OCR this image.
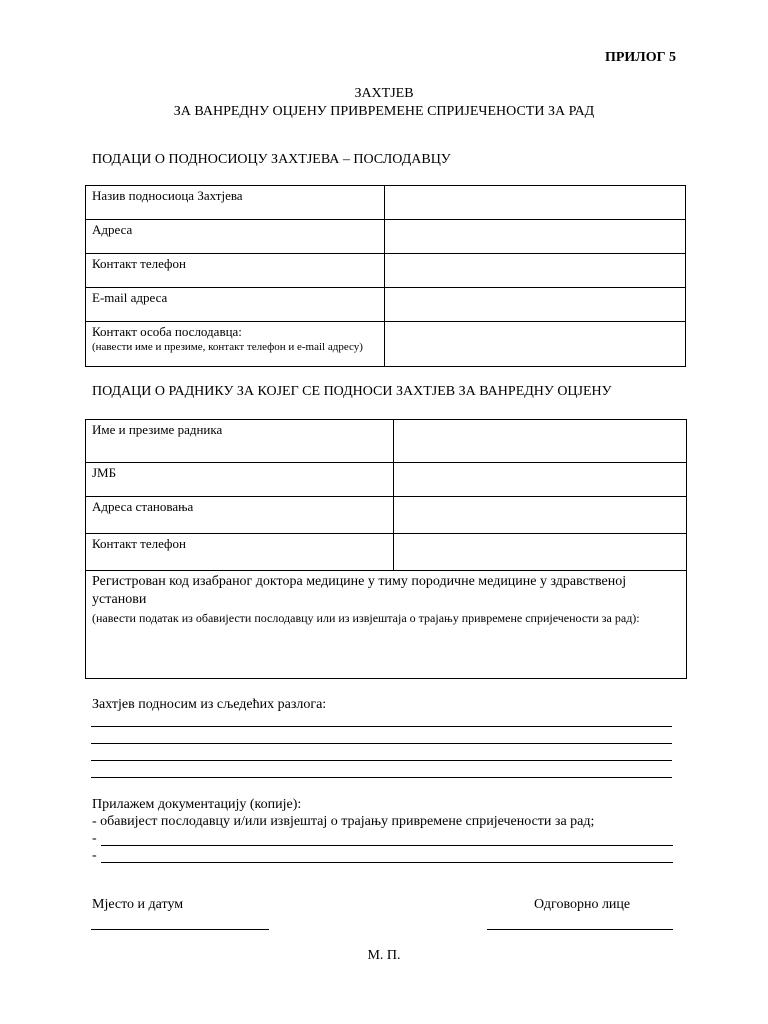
ПРИЛОГ 5
ЗАХТЈЕВ
ЗА ВАНРЕДНУ ОЦЈЕНУ ПРИВРЕМЕНЕ СПРИЈЕЧЕНОСТИ ЗА РАД
ПОДАЦИ О ПОДНОСИОЦУ ЗАХТЈЕВА – ПОСЛОДАВЦУ
Назив подносиоца Захтјева	
Адреса	
Контакт телефон	
E-mail адреса	

Контакт особа послодавца:
(навести име и презиме, контакт телефон и e-mail адресу)	

ПОДАЦИ О РАДНИКУ ЗА КОЈЕГ СЕ ПОДНОСИ ЗАХТЈЕВ ЗА ВАНРЕДНУ ОЦЈЕНУ
Име и презиме радника	
ЈМБ	
Адреса становања	
Контакт телефон	

Регистрован код изабраног доктора медицине у тиму породичне медицине у здравственој установи
(навести податак из обавијести послодавцу или из извјештаја о трајању привремене спријечености за рад):	
Захтјев подносим из сљедећих разлога:
Прилажем документацију (копије):
- обавијест послодавцу и/или извјештај о трајању привремене спријечености за рад;
-
-
Мјесто и датум	Одговорно лице
М. П.
